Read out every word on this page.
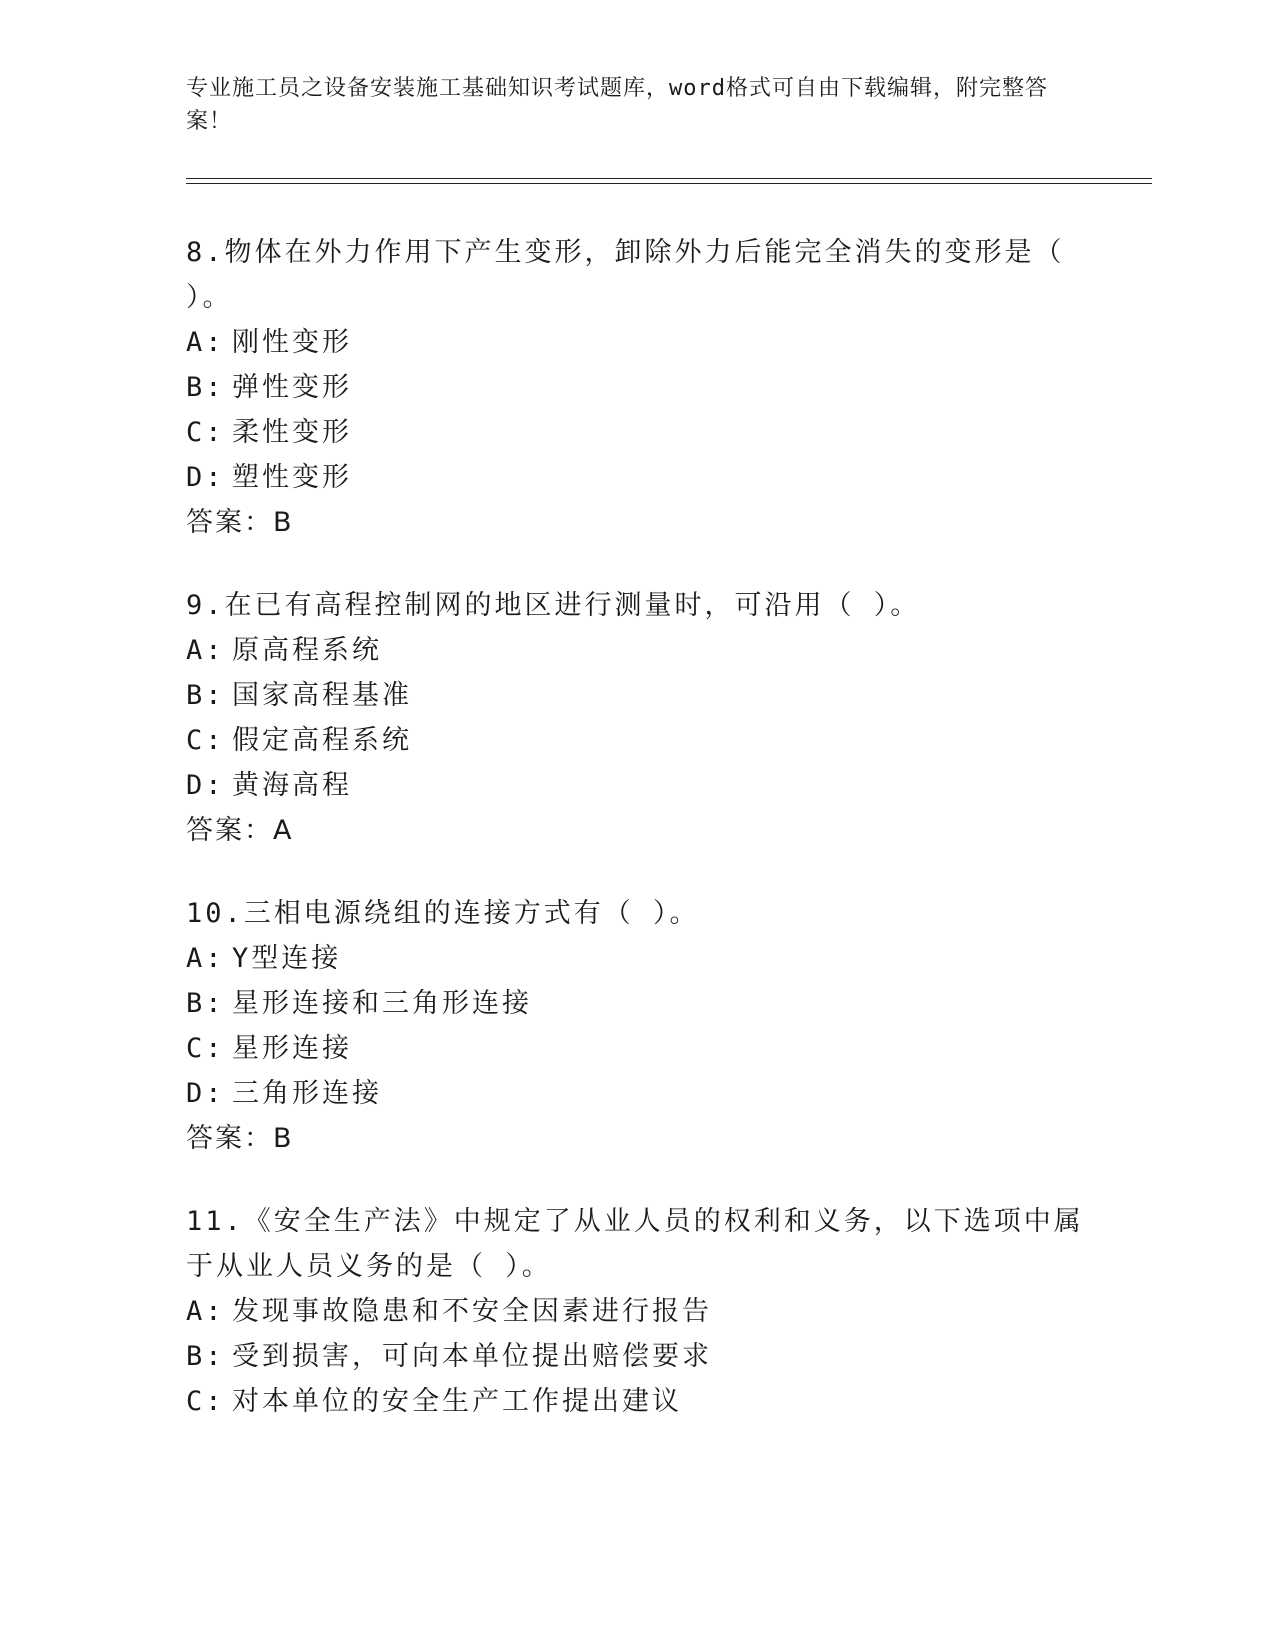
专业施工员之设备安装施工基础知识考试题库，word格式可自由下载编辑，附完整答案！
8.物体在外力作用下产生变形，卸除外力后能完全消失的变形是（ ）。
A: 刚性变形
B: 弹性变形
C: 柔性变形
D: 塑性变形
答案：B
9.在已有高程控制网的地区进行测量时，可沿用（ ）。
A: 原高程系统
B: 国家高程基准
C: 假定高程系统
D: 黄海高程
答案：A
10.三相电源绕组的连接方式有（ ）。
A: Y型连接
B: 星形连接和三角形连接
C: 星形连接
D: 三角形连接
答案：B
11.《安全生产法》中规定了从业人员的权利和义务，以下选项中属于从业人员义务的是（ ）。
A: 发现事故隐患和不安全因素进行报告
B: 受到损害，可向本单位提出赔偿要求
C: 对本单位的安全生产工作提出建议
